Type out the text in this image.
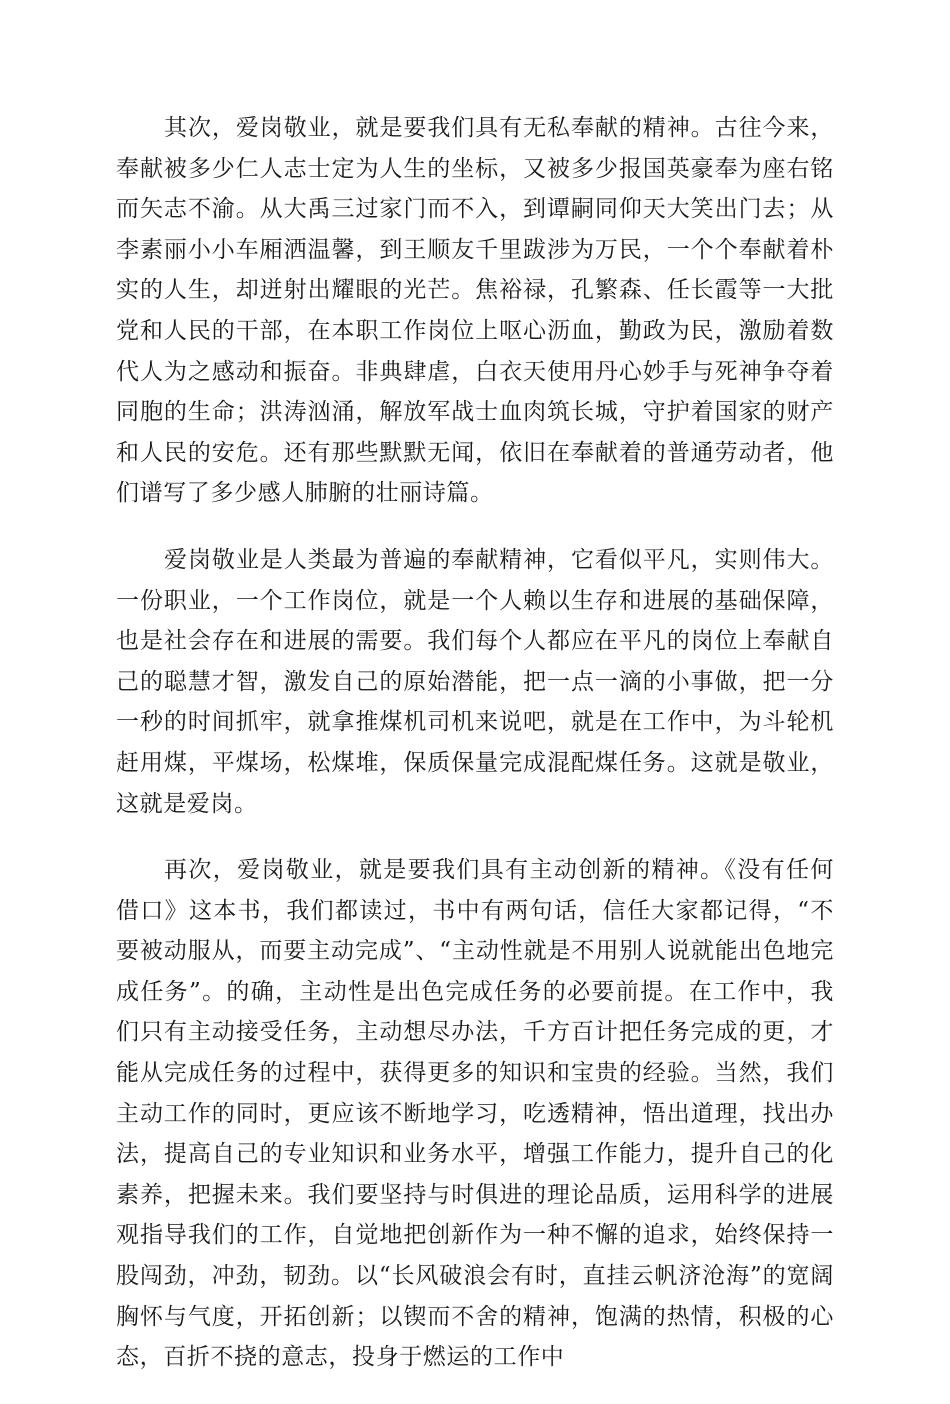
其次，爱岗敬业，就是要我们具有无私奉献的精神。古往今来，奉献被多少仁人志士定为人生的坐标，又被多少报国英豪奉为座右铭而矢志不渝。从大禹三过家门而不入，到谭嗣同仰天大笑出门去；从李素丽小小车厢洒温馨，到王顺友千里跋涉为万民，一个个奉献着朴实的人生，却迸射出耀眼的光芒。焦裕禄，孔繁森、任长霞等一大批党和人民的干部，在本职工作岗位上呕心沥血，勤政为民，激励着数代人为之感动和振奋。非典肆虐，白衣天使用丹心妙手与死神争夺着同胞的生命；洪涛汹涌，解放军战士血肉筑长城，守护着国家的财产和人民的安危。还有那些默默无闻，依旧在奉献着的普通劳动者，他们谱写了多少感人肺腑的壮丽诗篇。

爱岗敬业是人类最为普遍的奉献精神，它看似平凡，实则伟大。一份职业，一个工作岗位，就是一个人赖以生存和进展的基础保障，也是社会存在和进展的需要。我们每个人都应在平凡的岗位上奉献自己的聪慧才智，激发自己的原始潜能，把一点一滴的小事做，把一分一秒的时间抓牢，就拿推煤机司机来说吧，就是在工作中，为斗轮机赶用煤，平煤场，松煤堆，保质保量完成混配煤任务。这就是敬业，这就是爱岗。

再次，爱岗敬业，就是要我们具有主动创新的精神。《没有任何借口》这本书，我们都读过，书中有两句话，信任大家都记得，“不要被动服从，而要主动完成”、“主动性就是不用别人说就能出色地完成任务”。的确，主动性是出色完成任务的必要前提。在工作中，我们只有主动接受任务，主动想尽办法，千方百计把任务完成的更，才能从完成任务的过程中，获得更多的知识和宝贵的经验。当然，我们主动工作的同时，更应该不断地学习，吃透精神，悟出道理，找出办法，提高自己的专业知识和业务水平，增强工作能力，提升自己的化素养，把握未来。我们要坚持与时俱进的理论品质，运用科学的进展观指导我们的工作，自觉地把创新作为一种不懈的追求，始终保持一股闯劲，冲劲，韧劲。以“长风破浪会有时，直挂云帆济沧海”的宽阔胸怀与气度，开拓创新；以锲而不舍的精神，饱满的热情，积极的心态，百折不挠的意志，投身于燃运的工作中
